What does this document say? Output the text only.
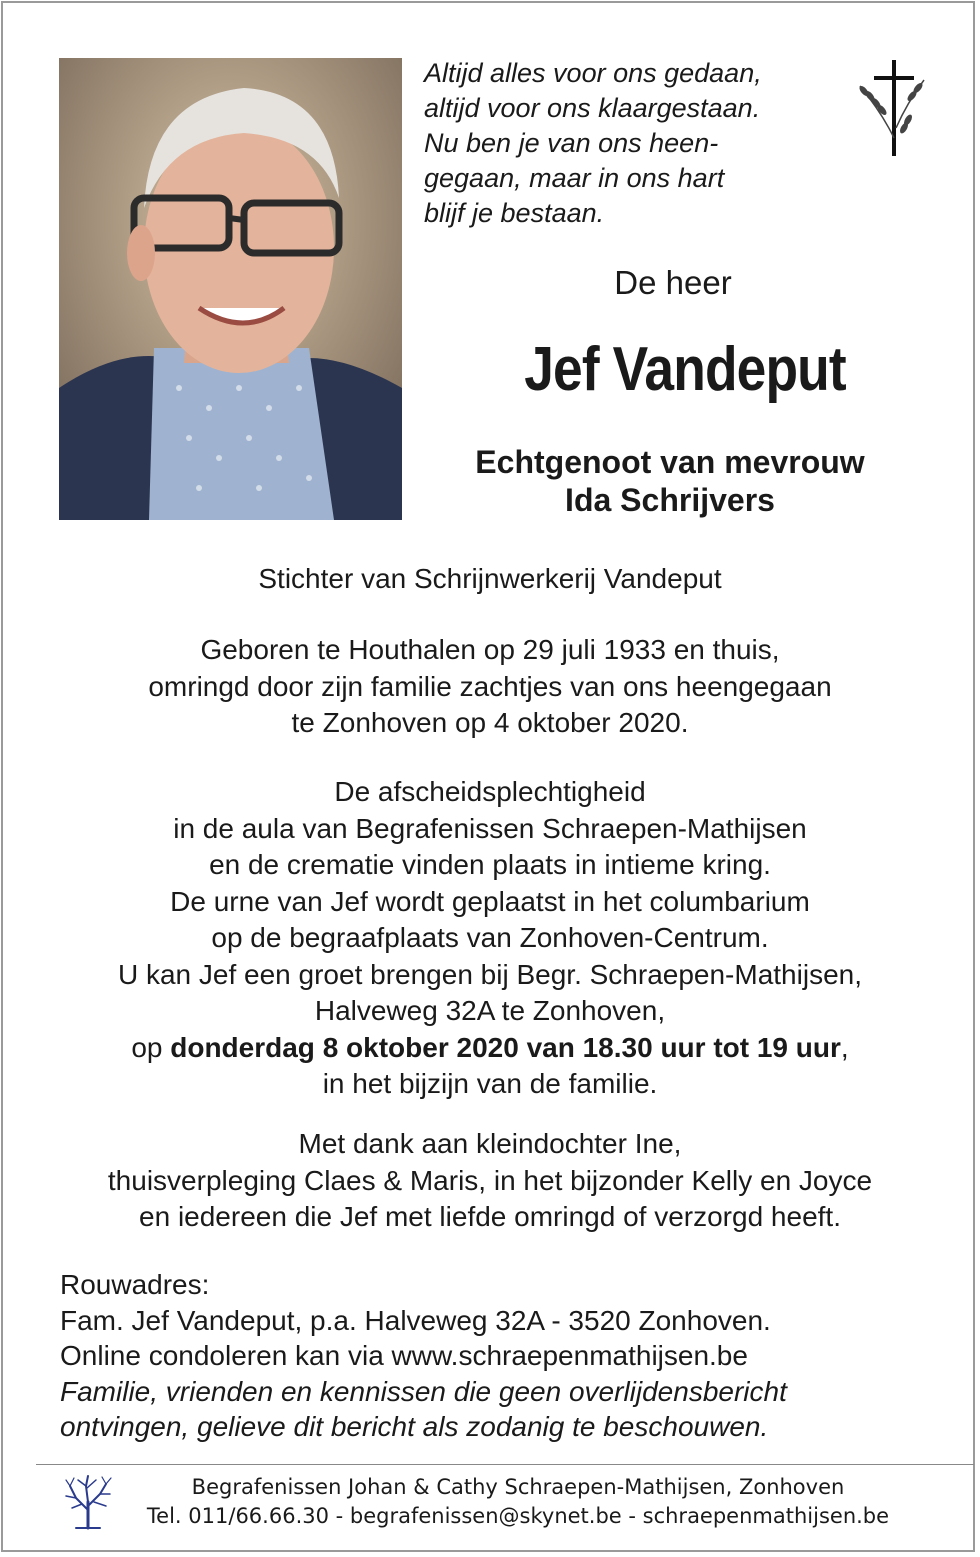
Altijd alles voor ons gedaan,
altijd voor ons klaargestaan.
Nu ben je van ons heen-
gegaan, maar in ons hart
blijf je bestaan.
De heer
Jef Vandeput
Echtgenoot van mevrouw
Ida Schrijvers
Stichter van Schrijnwerkerij Vandeput
Geboren te Houthalen op 29 juli 1933 en thuis,
omringd door zijn familie zachtjes van ons heengegaan
te Zonhoven op 4 oktober 2020.
De afscheidsplechtigheid
in de aula van Begrafenissen Schraepen-Mathijsen
en de crematie vinden plaats in intieme kring.
De urne van Jef wordt geplaatst in het columbarium
op de begraafplaats van Zonhoven-Centrum.
U kan Jef een groet brengen bij Begr. Schraepen-Mathijsen,
Halveweg 32A te Zonhoven,
op donderdag 8 oktober 2020 van 18.30 uur tot 19 uur,
in het bijzijn van de familie.
Met dank aan kleindochter Ine,
thuisverpleging Claes & Maris, in het bijzonder Kelly en Joyce
en iedereen die Jef met liefde omringd of verzorgd heeft.
Rouwadres:
Fam. Jef Vandeput, p.a. Halveweg 32A - 3520 Zonhoven.
Online condoleren kan via www.schraepenmathijsen.be
Familie, vrienden en kennissen die geen overlijdensbericht
ontvingen, gelieve dit bericht als zodanig te beschouwen.
Begrafenissen Johan & Cathy Schraepen-Mathijsen, Zonhoven
Tel. 011/66.66.30 - begrafenissen@skynet.be - schraepenmathijsen.be
